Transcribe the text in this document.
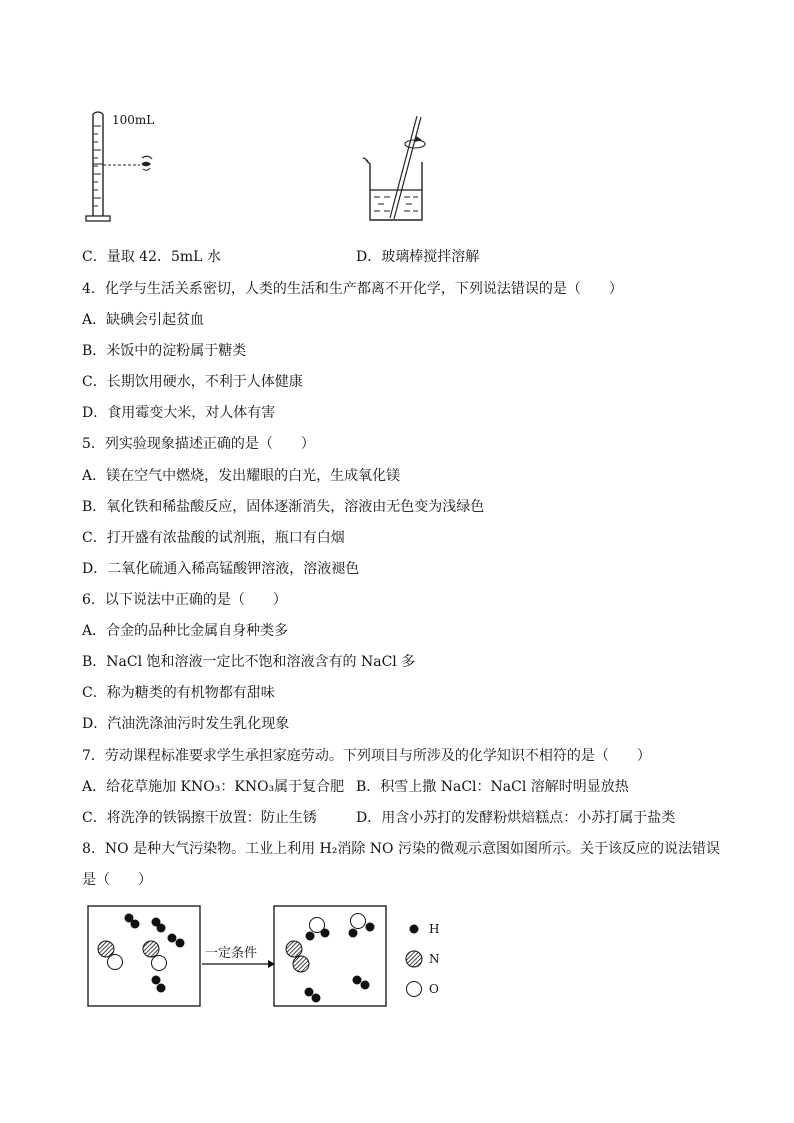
100mL
C．量取 42．5mL 水	D．玻璃棒搅拌溶解
4．化学与生活关系密切，人类的生活和生产都离不开化学，下列说法错误的是（　　）
A．缺碘会引起贫血
B．米饭中的淀粉属于糖类
C．长期饮用硬水，不利于人体健康
D．食用霉变大米，对人体有害
5．列实验现象描述正确的是（　　）
A．镁在空气中燃烧，发出耀眼的白光，生成氧化镁
B．氧化铁和稀盐酸反应，固体逐渐消失，溶液由无色变为浅绿色
C．打开盛有浓盐酸的试剂瓶，瓶口有白烟
D．二氧化硫通入稀高锰酸钾溶液，溶液褪色
6．以下说法中正确的是（　　）
A．合金的品种比金属自身种类多
B．NaCl 饱和溶液一定比不饱和溶液含有的 NaCl 多
C．称为糖类的有机物都有甜味
D．汽油洗涤油污时发生乳化现象
7．劳动课程标准要求学生承担家庭劳动。下列项目与所涉及的化学知识不相符的是（　　）
A．给花草施加 KNO₃：KNO₃属于复合肥 B．积雪上撒 NaCl：NaCl 溶解时明显放热
C．将洗净的铁锅擦干放置：防止生锈	D．用含小苏打的发酵粉烘焙糕点：小苏打属于盐类
8．NO 是种大气污染物。工业上利用 H₂消除 NO 污染的微观示意图如图所示。关于该反应的说法错误
是（　　）
一定条件
H
N
O
